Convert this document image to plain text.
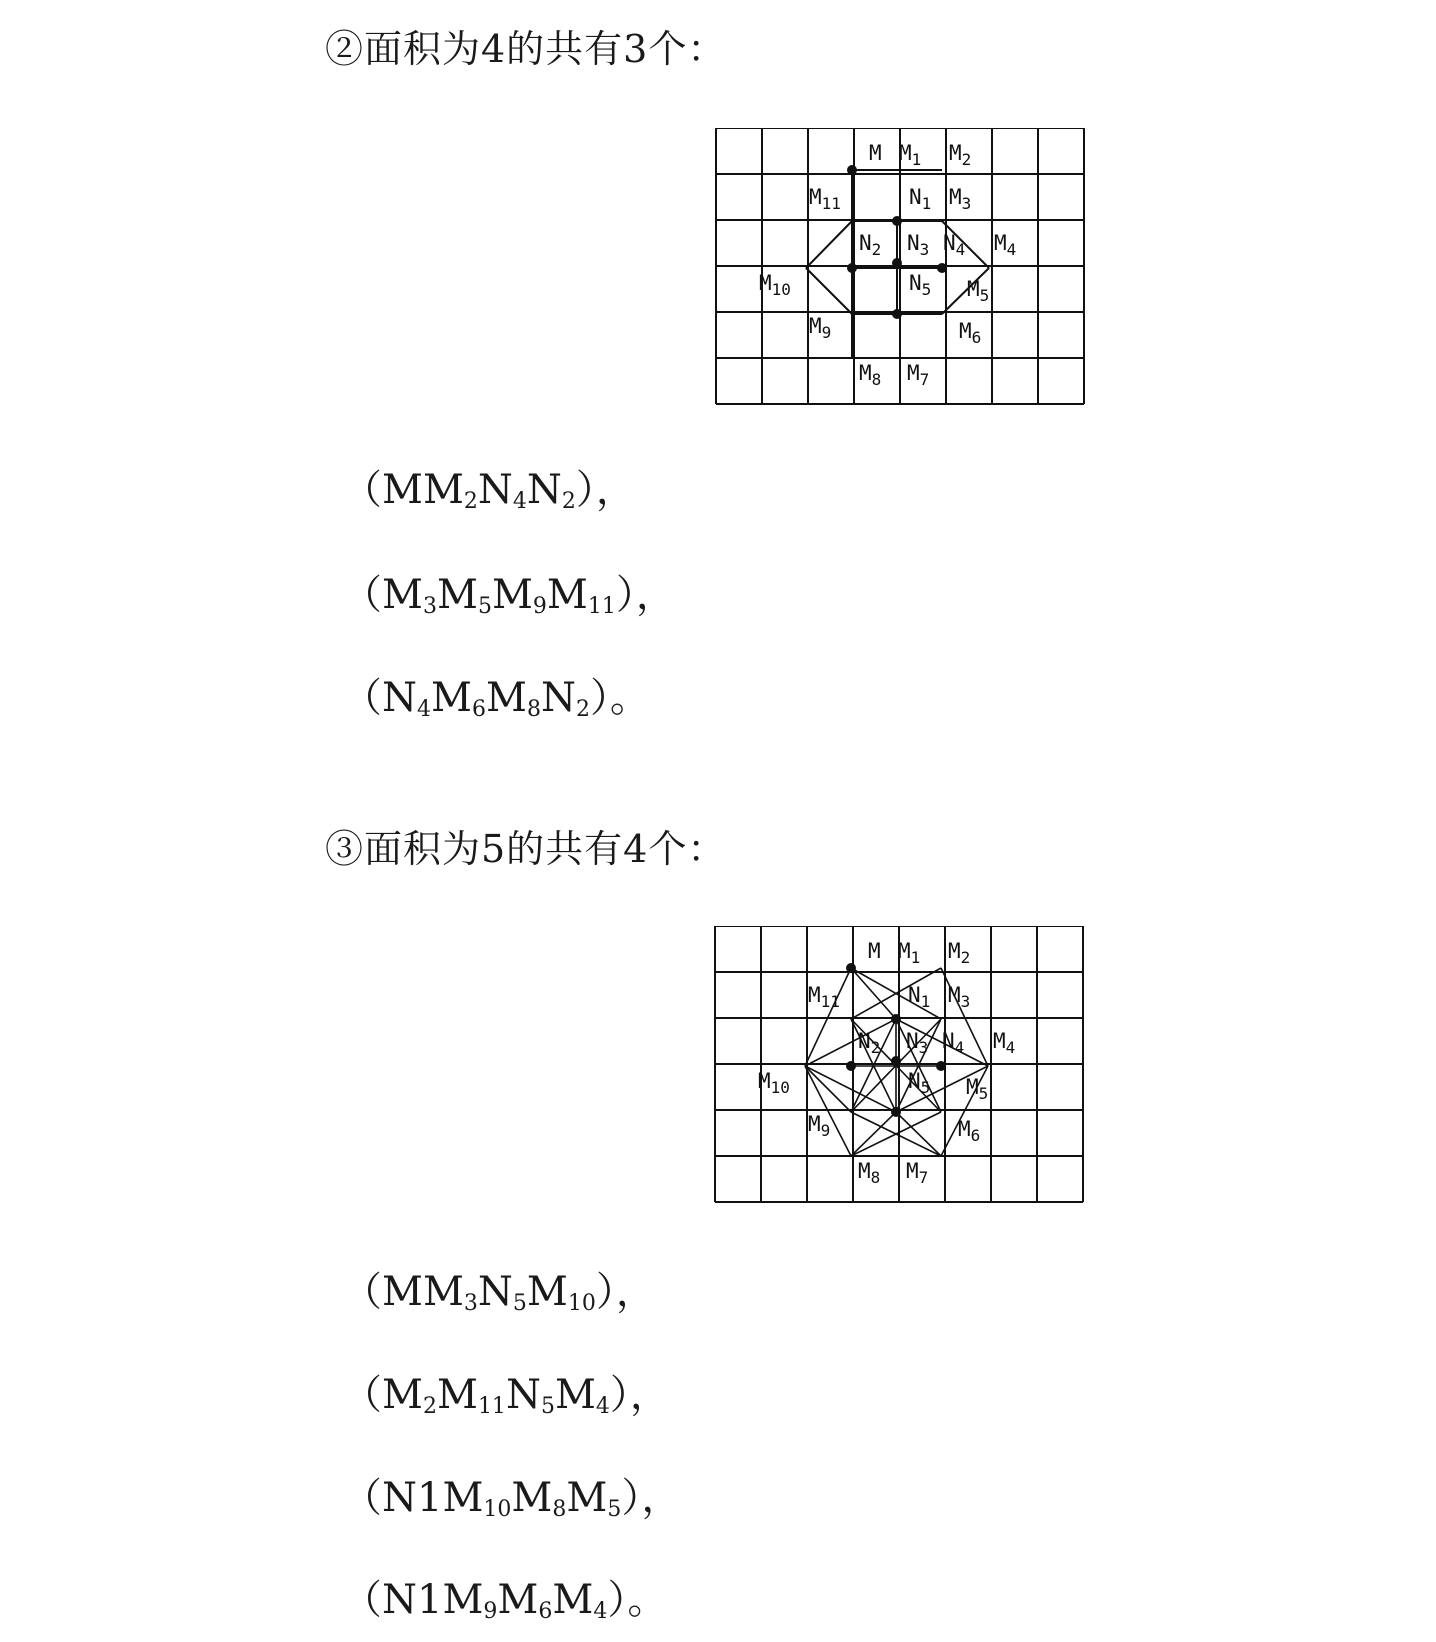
②面积为4的共有3个：
M $M_1$ $M_2$
$M_{11}$	$N_1$ $M_3$
$N_2$ $N_3$ $N_4$ $M_4$
$M_{10}$	$N_5$ $M_5$
$M_9$	$M_6$
$M_8$ $M_7$
$(MM_2N_4N_2)$，
$(M_3M_5M_9M_{11})$，
$(N_4M_6M_8N_2)$。
③面积为5的共有4个：
M $M_1$ $M_2$
$M_{11}$	$N_1$ $M_3$
$N_2$ $N_3$ $N_4$ $M_4$
$M_{10}$	$N_5$ $M_5$
$M_9$	$M_6$
$M_8$ $M_7$
$(MM_3N_5M_{10})$，
$(M_2M_{11}N_5M_4)$，
$(N1M_{10}M_8M_5)$，
$(N1M_9M_6M_4)$。
